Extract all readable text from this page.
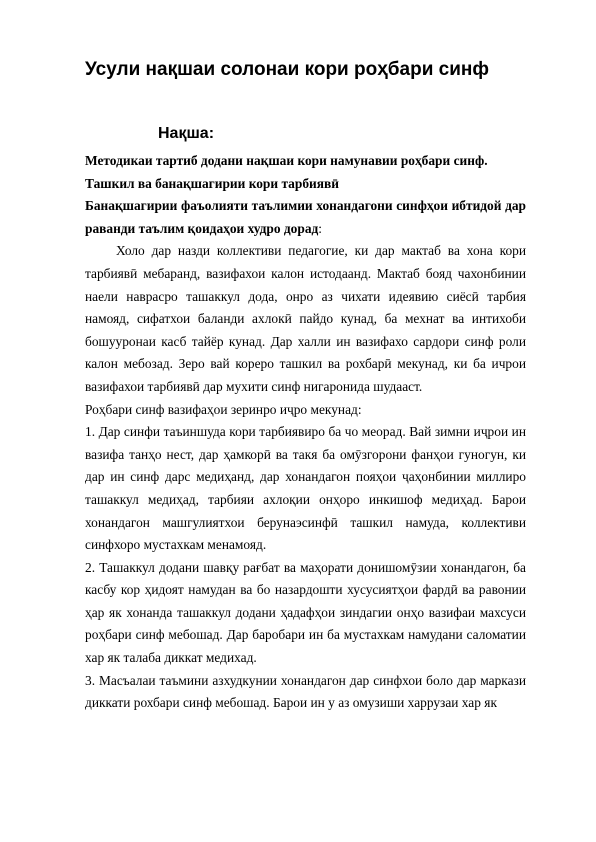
Усули нақшаи солонаи кори роҳбари синф
Нақша:

Методикаи тартиб додани нақшаи кори намунавии роҳбари синф.

Ташкил ва банақшагирии кори тарбиявӣ

Банақшагирии фаъолияти таълимии хонандагони синфҳои ибтидой дар раванди таълим қоидаҳои худро дорад:

Холо дар назди коллективи педагогие, ки дар мактаб ва хона кори тарбиявӣ мебаранд, вазифахои калон истодаанд. Мактаб бояд чахонбинии наели наврасро ташаккул дода, онро аз чихати идеявию сиёсӣ тарбия намояд, сифатхои баланди ахлокӣ пайдо кунад, ба мехнат ва интихоби бошууронаи касб тайёр кунад. Дар халли ин вазифахо сардори синф роли калон мебозад. Зеро вай кореро ташкил ва рохбарӣ мекунад, ки ба ичрои вазифахои тарбиявӣ дар мухити синф нигаронида шудааст.

Роҳбари синф вазифаҳои зеринро иҷро мекунад:

1. Дар синфи таъиншуда кори тарбиявиро ба чо меорад. Вай зимни иҷрои ин вазифа танҳо нест, дар ҳамкорӣ ва такя ба омӯзгорони фанҳои гуногун, ки дар ин синф дарс медиҳанд, дар хонандагон пояҳои ҷаҳонбинии миллиро ташаккул медиҳад, тарбияи ахлоқии онҳоро инкишоф медиҳад. Барои хонандагон машгулиятхои берунаэсинфӣ ташкил намуда, коллективи синфхоро мустахкам менамояд.

2. Ташаккул додани шавқу рағбат ва маҳорати донишомӯзии хонандагон, ба касбу кор ҳидоят намудан ва бо назардошти хусусиятҳои фардӣ ва равонии ҳар як хонанда ташаккул додани ҳадафҳои зиндагии онҳо вазифаи махсуси роҳбари синф мебошад. Дар баробари ин ба мустахкам намудани саломатии хар як талаба диккат медихад.

3. Масъалаи таъмини азхудкунии хонандагон дар синфхои боло дар маркази диккати рохбари синф мебошад. Барои ин у аз омузиши харрузаи хар як
